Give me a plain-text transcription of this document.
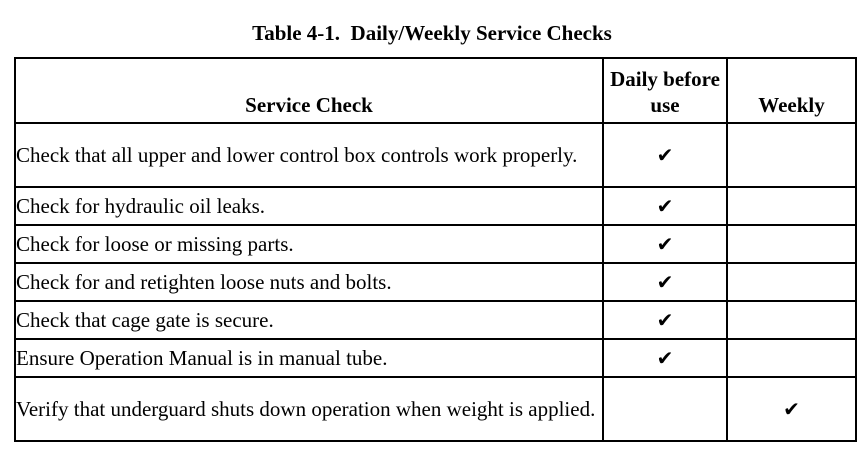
Table 4-1.  Daily/Weekly Service Checks
Service Check	Daily before use	Weekly
Check that all upper and lower control box controls work properly.	✔	
Check for hydraulic oil leaks.	✔	
Check for loose or missing parts.	✔	
Check for and retighten loose nuts and bolts.	✔	
Check that cage gate is secure.	✔	
Ensure Operation Manual is in manual tube.	✔	
Verify that underguard shuts down operation when weight is applied.		✔
